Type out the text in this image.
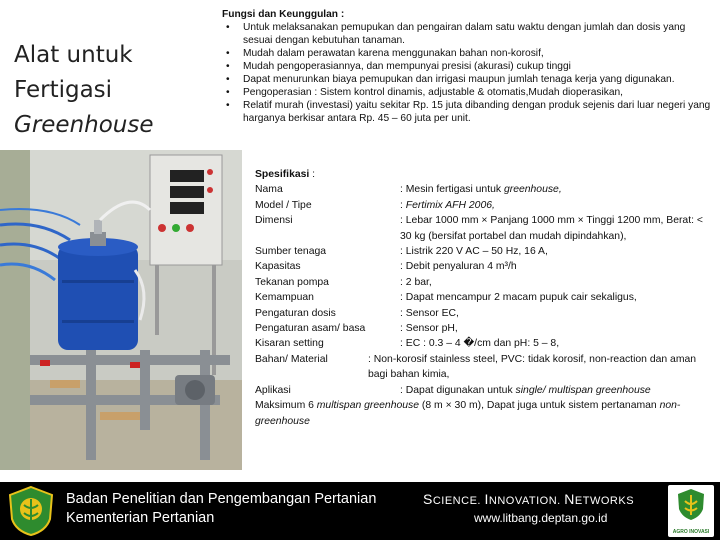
Alat untuk
Fertigasi
Greenhouse
Fungsi dan Keunggulan :
• Untuk melaksanakan pemupukan dan pengairan dalam satu waktu dengan jumlah dan dosis yang sesuai dengan kebutuhan tanaman.
• Mudah dalam perawatan karena menggunakan bahan non-korosif,
• Mudah pengoperasiannya, dan mempunyai presisi (akurasi) cukup tinggi
• Dapat menurunkan biaya pemupukan dan irrigasi maupun jumlah tenaga kerja yang digunakan.
• Pengoperasian : Sistem kontrol dinamis, adjustable & otomatis,Mudah dioperasikan,
• Relatif murah (investasi) yaitu sekitar Rp. 15 juta dibanding dengan produk sejenis dari luar negeri yang harganya berkisar antara Rp. 45 – 60 juta per unit.
Spesifikasi :
Nama	: Mesin fertigasi untuk greenhouse,
Model / Tipe	: Fertimix AFH 2006,
Dimensi	: Lebar 1000 mm × Panjang 1000 mm × Tinggi 1200 mm, Berat: < 30 kg (bersifat portabel dan mudah dipindahkan),
Sumber tenaga	: Listrik 220 V AC – 50 Hz, 16 A,
Kapasitas	: Debit penyaluran 4 m³/h
Tekanan pompa	: 2 bar,
Kemampuan	: Dapat mencampur 2 macam pupuk cair sekaligus,
Pengaturan dosis	: Sensor EC,
Pengaturan asam/ basa	: Sensor pH,
Kisaran setting	: EC : 0.3 – 4 �/cm dan pH: 5 – 8,
Bahan/ Material	: Non-korosif stainless steel, PVC: tidak korosif, non-reaction dan aman bagi bahan kimia,
Aplikasi	: Dapat digunakan untuk single/ multispan greenhouse
Maksimum 6 multispan greenhouse (8 m × 30 m), Dapat juga untuk sistem pertanaman non-greenhouse
Badan Penelitian dan Pengembangan Pertanian
Kementerian Pertanian
SCIENCE. INNOVATION. NETWORKS
www.litbang.deptan.go.id
AGRO INOVASI
